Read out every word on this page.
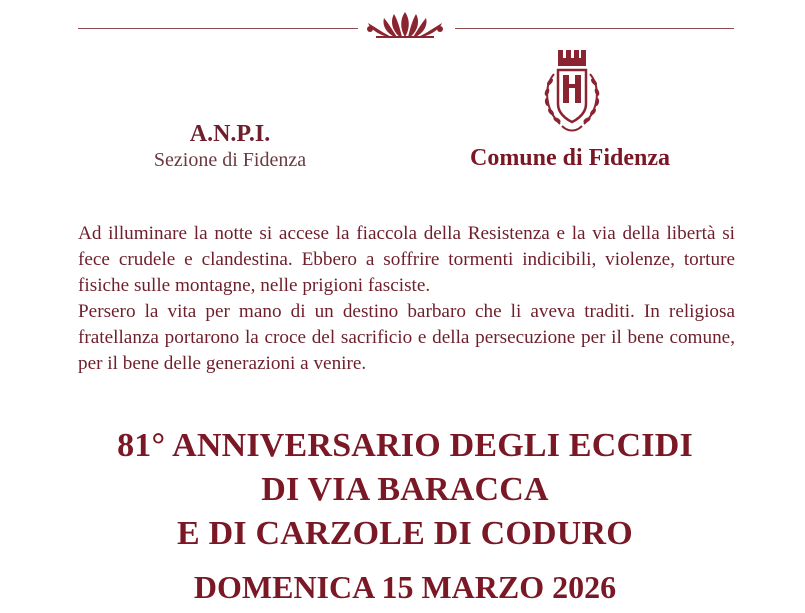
A.N.P.I.
Sezione di Fidenza	Comune di Fidenza

Ad illuminare la notte si accese la fiaccola della Resistenza e la via della libertà si fece crudele e clandestina. Ebbero a soffrire tormenti indicibili, violenze, torture fisiche sulle montagne, nelle prigioni fasciste.

Persero la vita per mano di un destino barbaro che li aveva traditi. In religiosa fratellanza portarono la croce del sacrificio e della persecuzione per il bene comune, per il bene delle generazioni a venire.

81° ANNIVERSARIO DEGLI ECCIDI
DI VIA BARACCA
E DI CARZOLE DI CODURO
DOMENICA 15 MARZO 2026
